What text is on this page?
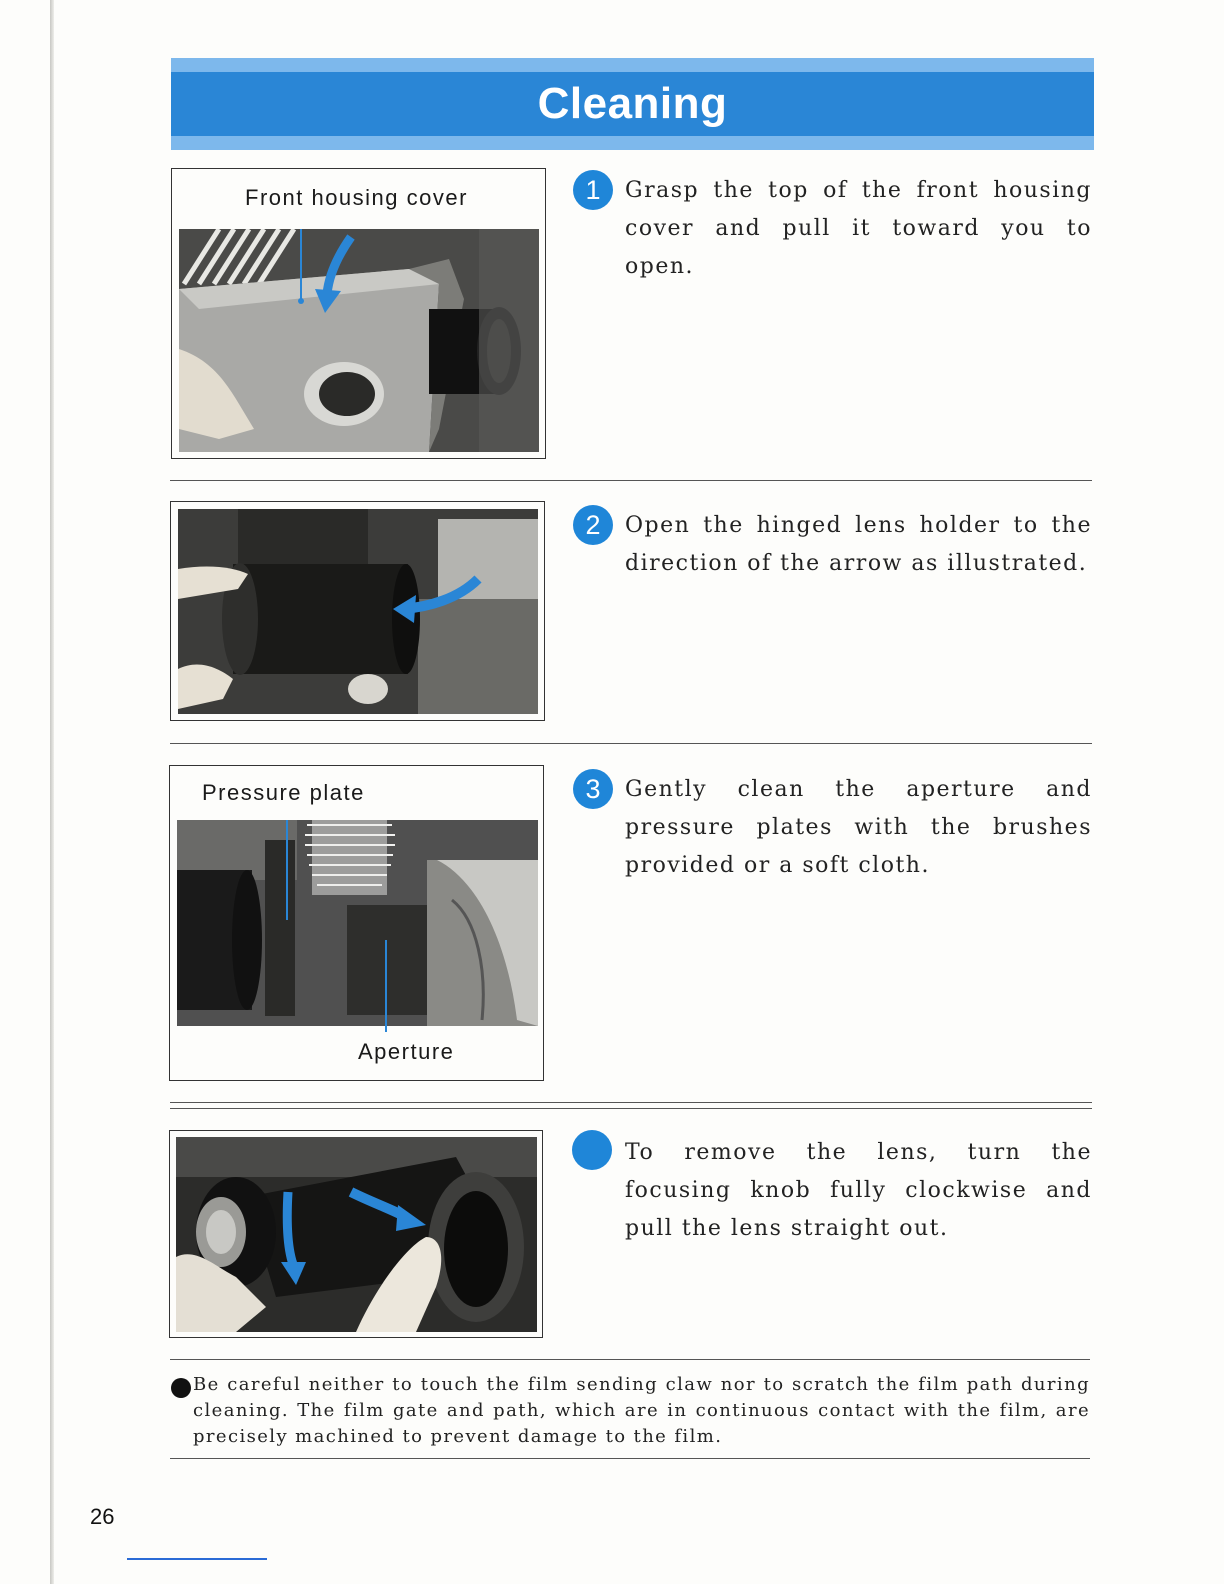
Cleaning
Front housing cover	1	Grasp the top of the front housing cover and pull it toward you to open.
2	Open the hinged lens holder to the direction of the arrow as illustrated.
Pressure plate
Aperture
3	Gently clean the aperture and pressure plates with the brushes provided or a soft cloth.
To remove the lens, turn the focusing knob fully clockwise and pull the lens straight out.
Be careful neither to touch the film sending claw nor to scratch the film path during cleaning. The film gate and path, which are in continuous contact with the film, are precisely machined to prevent damage to the film.
26
